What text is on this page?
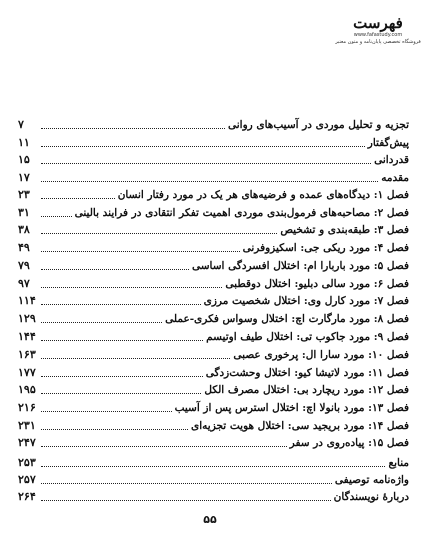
فهرست
www.fafastudy.com
فروشگاه تخصصی پایان‌نامه و متون معتبر
تجزیه و تحلیل موردی در آسیب‌های روانی
۷
پیش‌گفتار
۱۱
قدردانی
۱۵
مقدمه
۱۷
فصل ۱: دیدگاه‌های عمده و فرضیه‌های هر یک در مورد رفتار انسان
۲۳
فصل ۲: مصاحبه‌های فرمول‌بندی موردی اهمیت تفکر انتقادی در فرایند بالینی
۳۱
فصل ۳: طبقه‌بندی و تشخیص
۳۸
فصل ۴: مورد ریکی جی: اسکیزوفرنی
۴۹
فصل ۵: مورد باربارا ام: اختلال افسردگی اساسی
۷۹
فصل ۶: مورد سالی دبلیو: اختلال دوقطبی
۹۷
فصل ۷: مورد کارل وی: اختلال شخصیت مرزی
۱۱۴
فصل ۸: مورد مارگارت اچ: اختلال وسواس فکری-عملی
۱۲۹
فصل ۹: مورد جاکوب تی: اختلال طیف اوتیسم
۱۴۴
فصل ۱۰: مورد سارا ال: پرخوری عصبی
۱۶۳
فصل ۱۱: مورد لاتیشا کیو: اختلال وحشت‌زدگی
۱۷۷
فصل ۱۲: مورد ریچارد بی: اختلال مصرف الکل
۱۹۵
فصل ۱۳: مورد بانولا اچ: اختلال استرس پس از آسیب
۲۱۶
فصل ۱۴: مورد بریجید سی: اختلال هویت تجزیه‌ای
۲۳۱
فصل ۱۵: پیاده‌روی در سفر
۲۴۷
منابع
۲۵۳
واژه‌نامه توصیفی
۲۵۷
دربارهٔ نویسندگان
۲۶۴
۵۵
